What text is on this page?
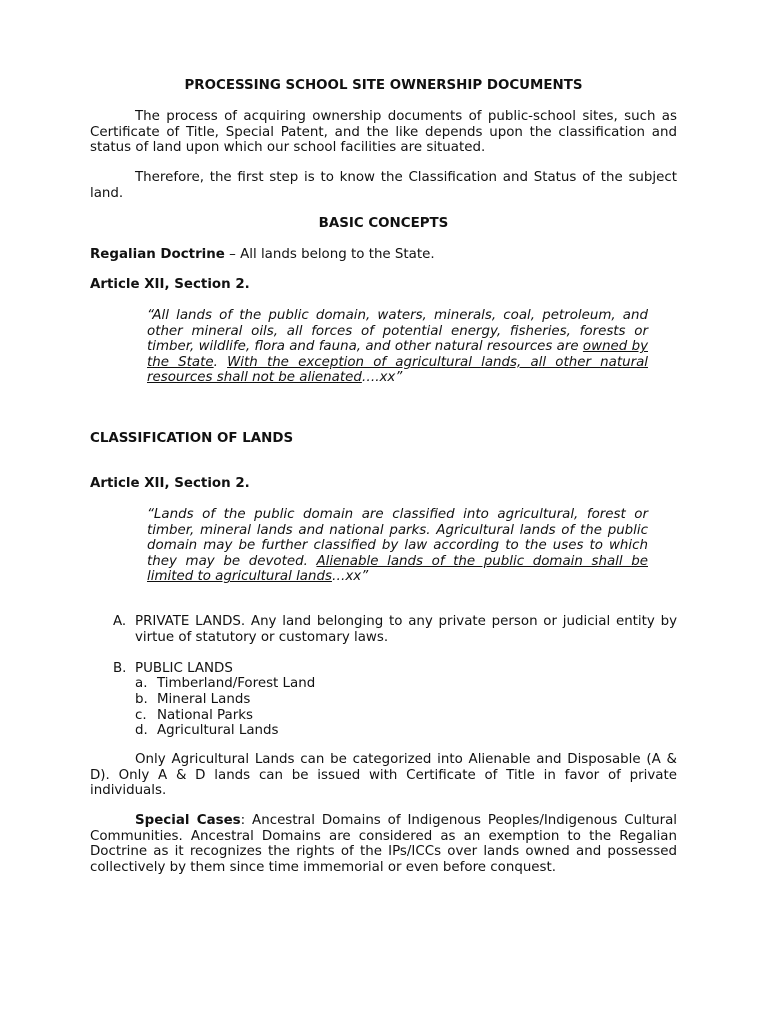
PROCESSING SCHOOL SITE OWNERSHIP DOCUMENTS
The process of acquiring ownership documents of public-school sites, such as Certificate of Title, Special Patent, and the like depends upon the classification and status of land upon which our school facilities are situated.
Therefore, the first step is to know the Classification and Status of the subject land.
BASIC CONCEPTS
Regalian Doctrine – All lands belong to the State.
Article XII, Section 2.
“All lands of the public domain, waters, minerals, coal, petroleum, and other mineral oils, all forces of potential energy, fisheries, forests or timber, wildlife, flora and fauna, and other natural resources are owned by the State. With the exception of agricultural lands, all other natural resources shall not be alienated….xx”
CLASSIFICATION OF LANDS
Article XII, Section 2.
“Lands of the public domain are classified into agricultural, forest or timber, mineral lands and national parks. Agricultural lands of the public domain may be further classified by law according to the uses to which they may be devoted. Alienable lands of the public domain shall be limited to agricultural lands…xx”
A. PRIVATE LANDS. Any land belonging to any private person or judicial entity by virtue of statutory or customary laws.
B. PUBLIC LANDS
a. Timberland/Forest Land
b. Mineral Lands
c. National Parks
d. Agricultural Lands
Only Agricultural Lands can be categorized into Alienable and Disposable (A & D). Only A & D lands can be issued with Certificate of Title in favor of private individuals.
Special Cases: Ancestral Domains of Indigenous Peoples/Indigenous Cultural Communities. Ancestral Domains are considered as an exemption to the Regalian Doctrine as it recognizes the rights of the IPs/ICCs over lands owned and possessed collectively by them since time immemorial or even before conquest.
